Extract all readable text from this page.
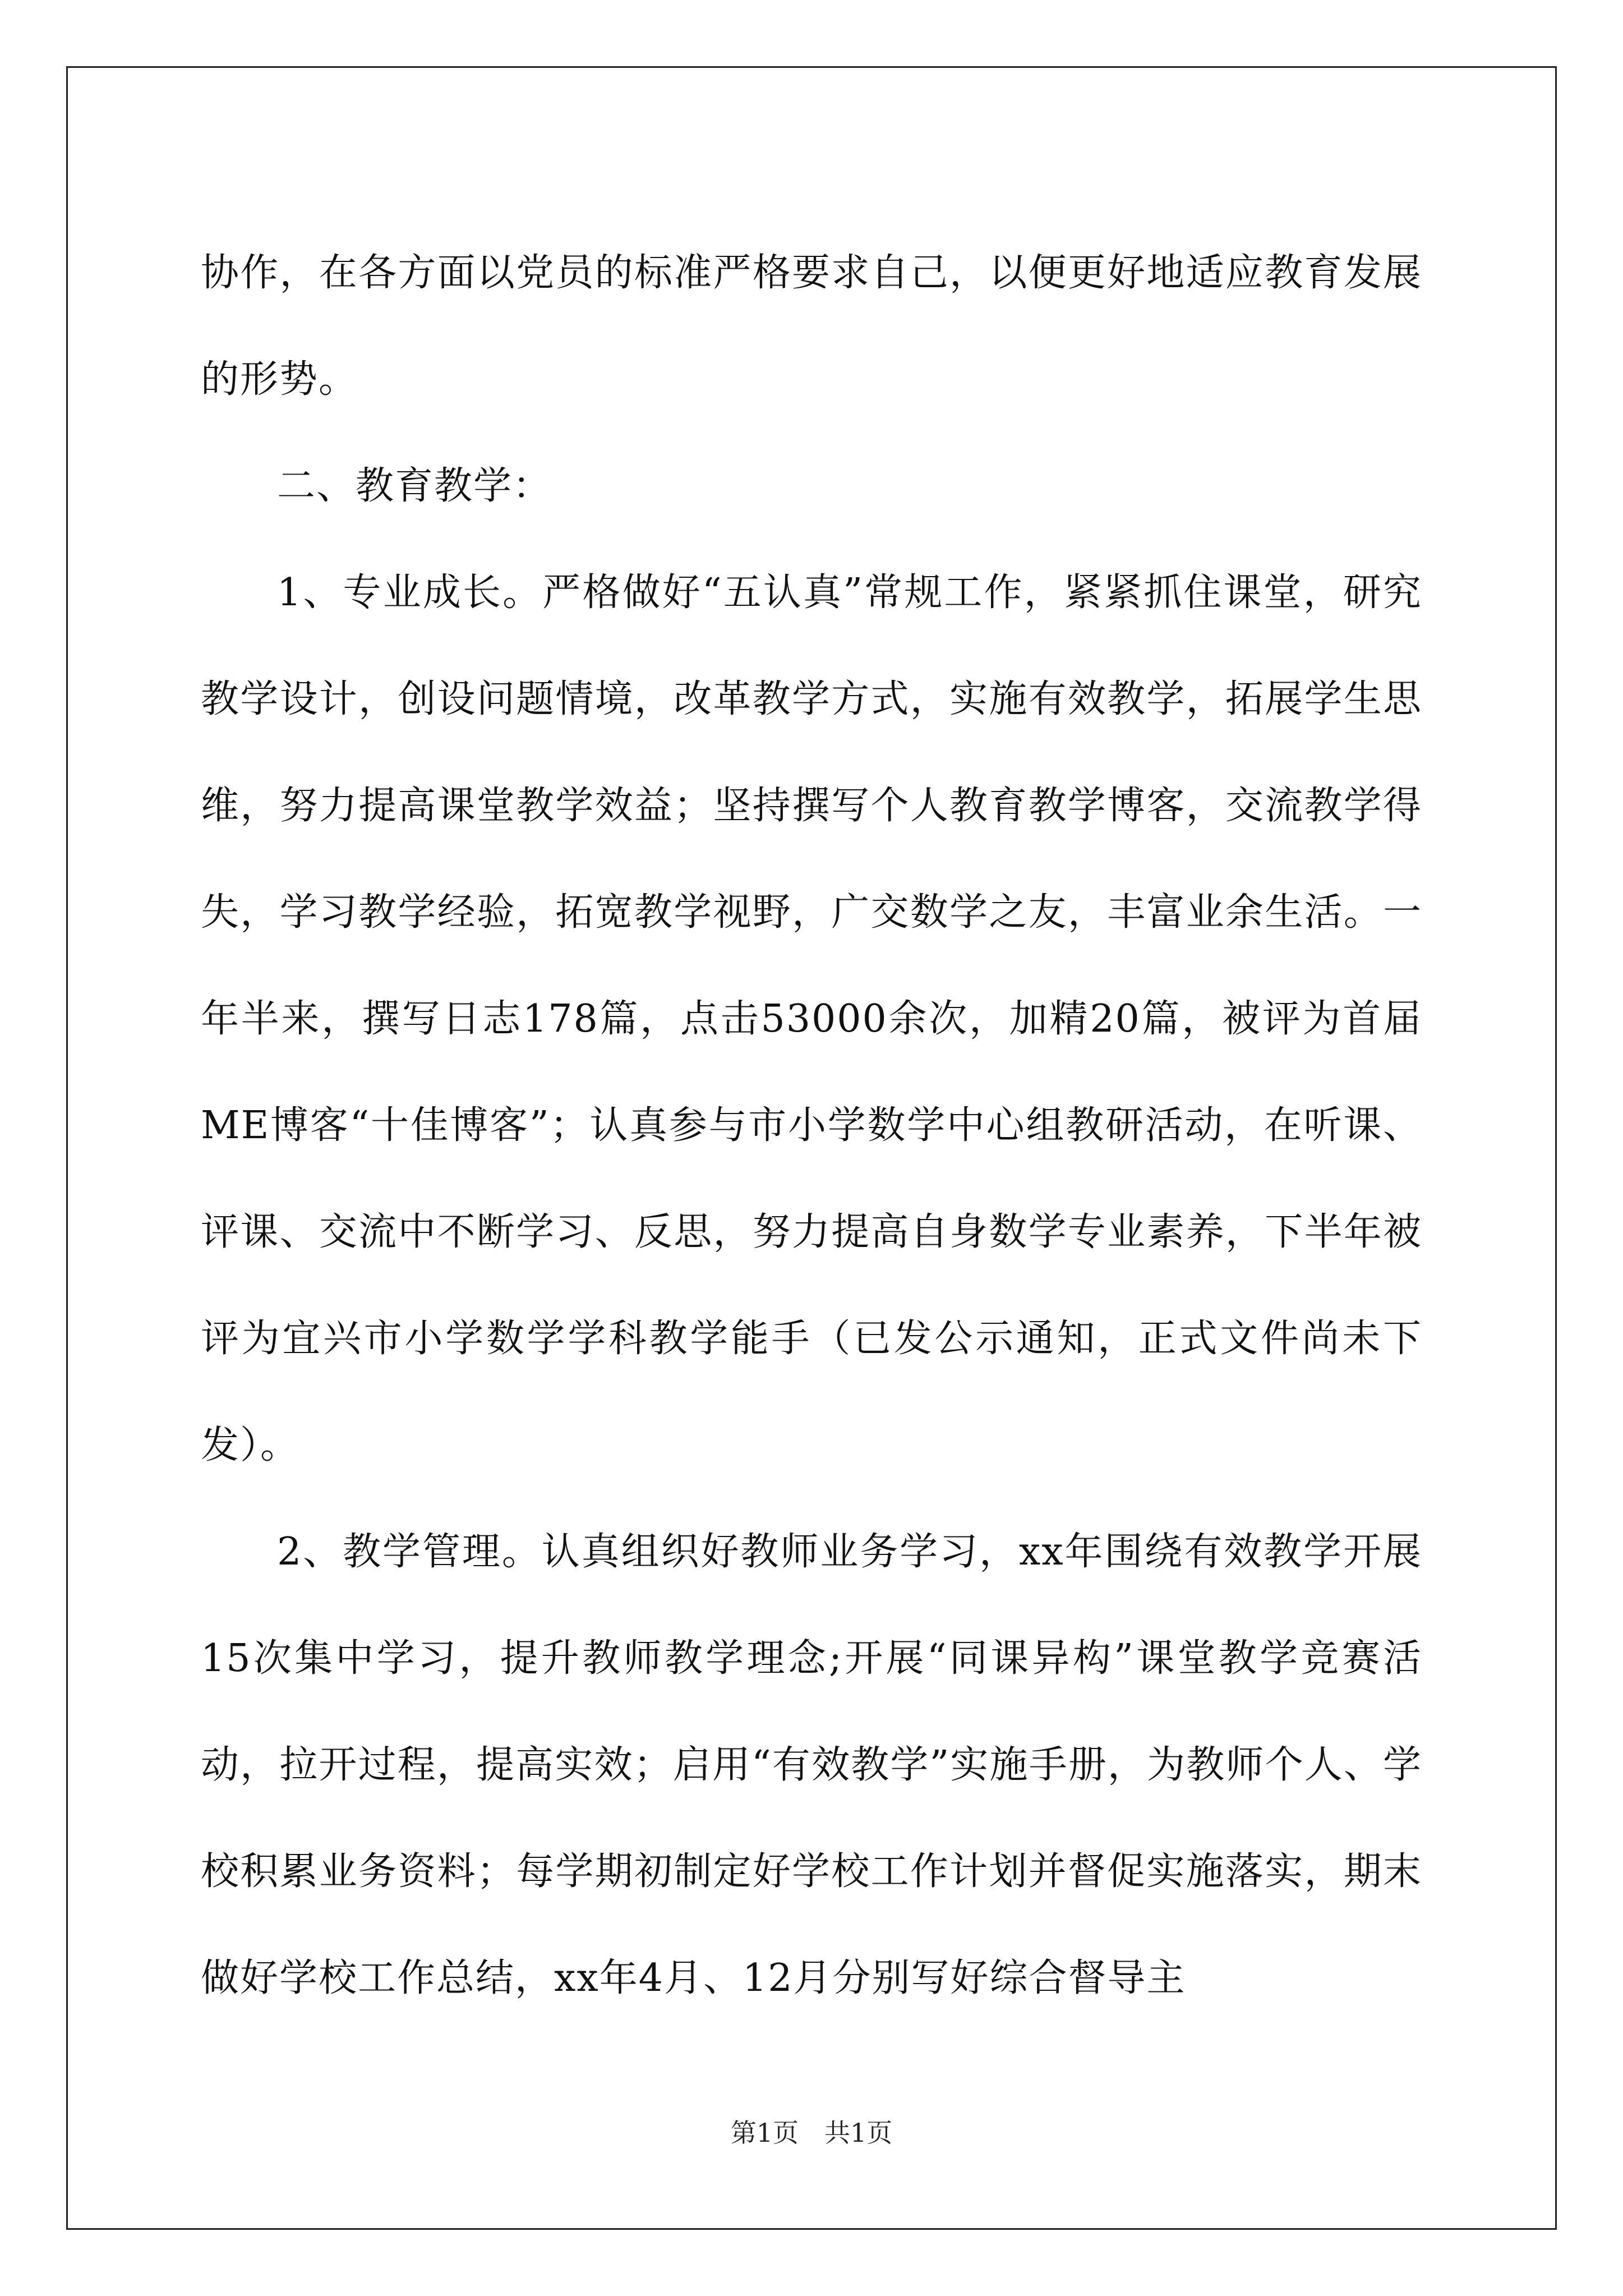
协作，在各方面以党员的标准严格要求自己，以便更好地适应教育发展的形势。

二、教育教学：

1、专业成长。严格做好“五认真”常规工作，紧紧抓住课堂，研究教学设计，创设问题情境，改革教学方式，实施有效教学，拓展学生思维，努力提高课堂教学效益；坚持撰写个人教育教学博客，交流教学得失，学习教学经验，拓宽教学视野，广交数学之友，丰富业余生活。一年半来，撰写日志178篇，点击53000余次，加精20篇，被评为首届ME博客“十佳博客”；认真参与市小学数学中心组教研活动，在听课、评课、交流中不断学习、反思，努力提高自身数学专业素养，下半年被评为宜兴市小学数学学科教学能手（已发公示通知，正式文件尚未下发）。

2、教学管理。认真组织好教师业务学习，xx年围绕有效教学开展15次集中学习，提升教师教学理念;开展“同课异构”课堂教学竞赛活动，拉开过程，提高实效；启用“有效教学”实施手册，为教师个人、学校积累业务资料；每学期初制定好学校工作计划并督促实施落实，期末做好学校工作总结，xx年4月、12月分别写好综合督导主

第1页　共1页
